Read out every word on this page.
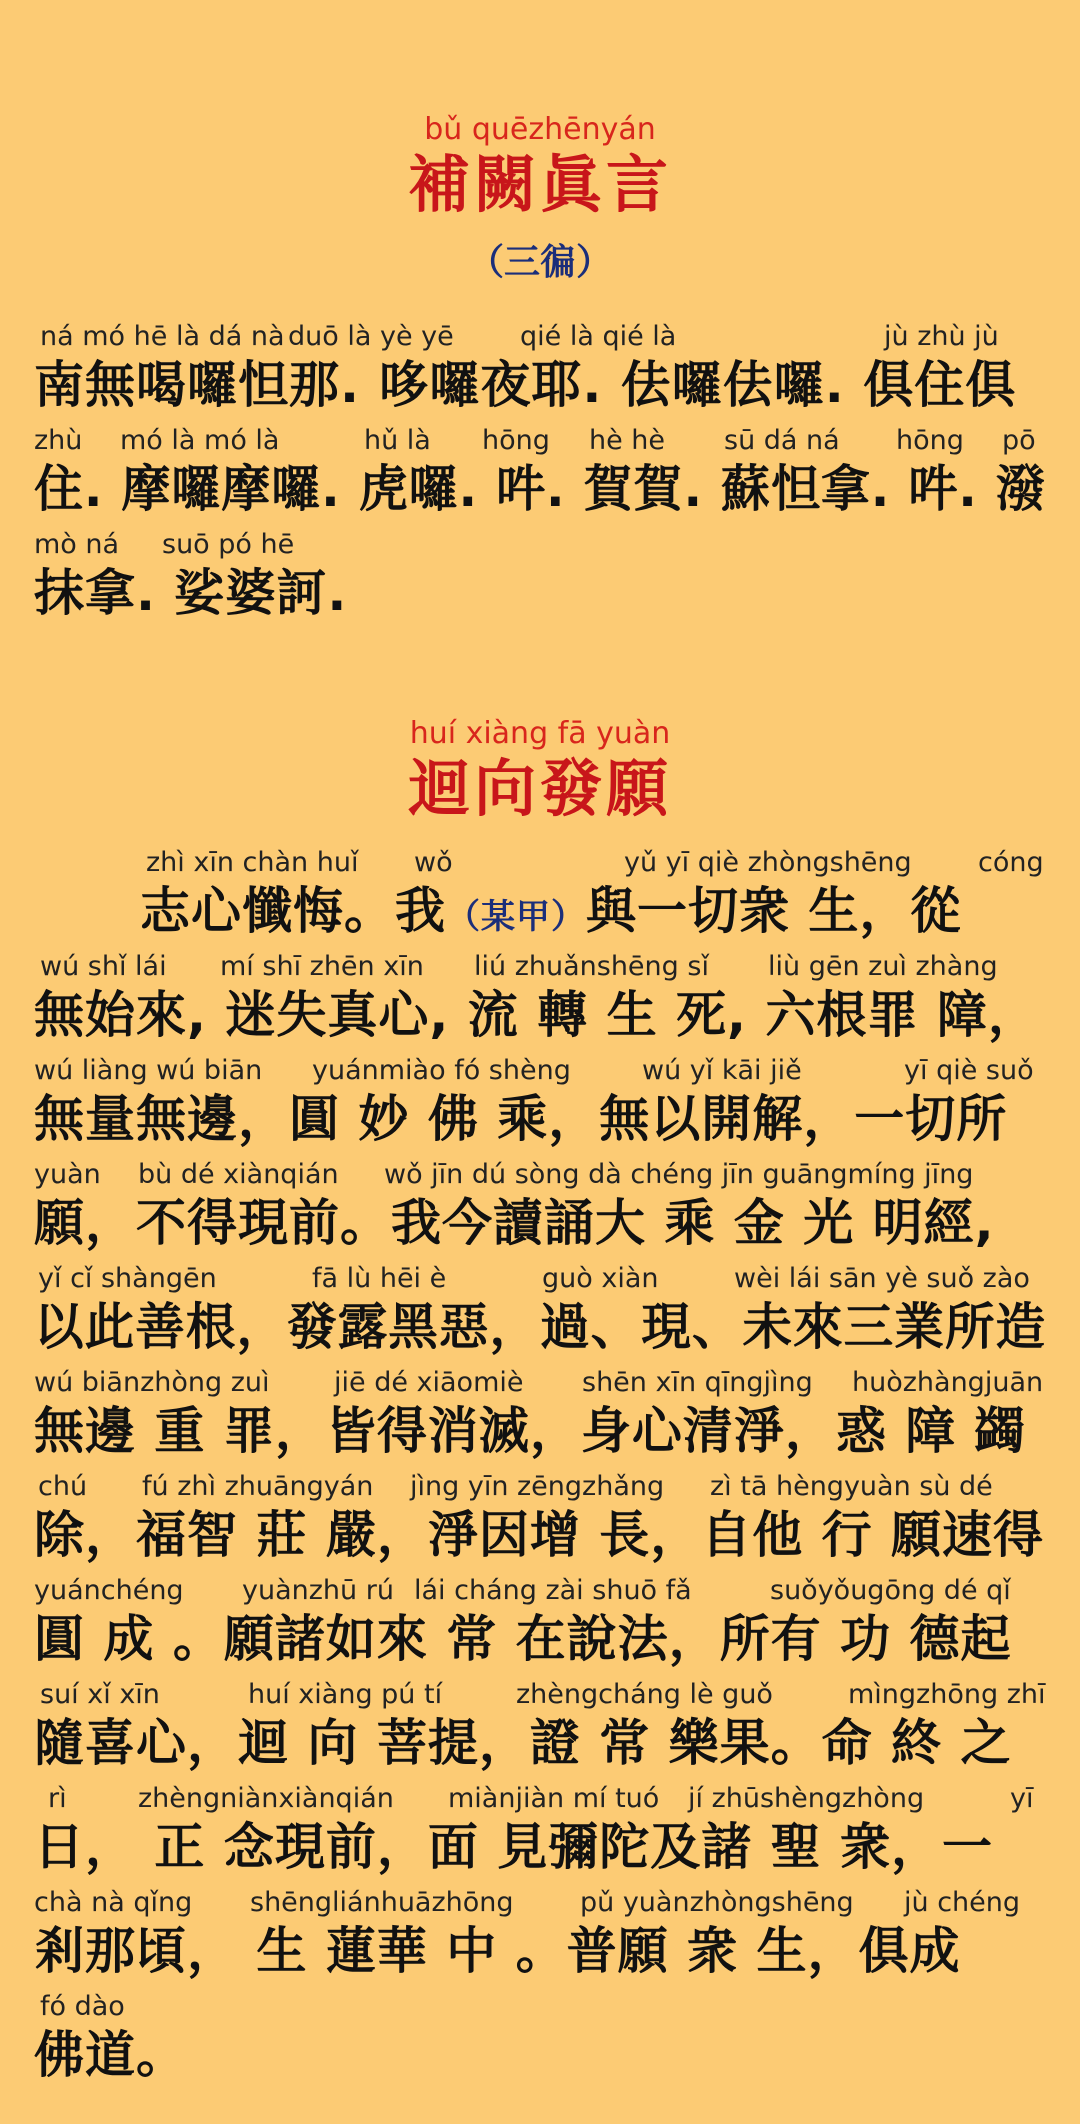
bǔ quēzhēnyán
補闕眞言
（三徧）
ná mó hē là dá nà duō là yè yē qié là qié là	jù zhù jù
南無喝囉怛那. 哆囉夜耶. 佉囉佉囉. 俱住俱
zhù mó là mó là	hǔ là hōng hè hè sū dá ná hōng pō
住. 摩囉摩囉. 虎囉. 吽. 賀賀. 蘇怛拿. 吽. 潑
mò ná suō pó hē
抹拿. 娑婆訶.
huí xiàng fā yuàn
迴向發願
zhì xīn chàn huǐ wǒ	yǔ yī qiè zhòngshēng cóng
志心懺悔。我（某甲）與一切衆 生，從
wú shǐ lái mí shī zhēn xīn liú zhuǎnshēng sǐ liù gēn zuì zhàng
無始來, 迷失真心, 流 轉 生 死, 六根罪 障，
wú liàng wú biān yuánmiào fó shèng	wú yǐ kāi jiě	yī qiè suǒ
無量無邊，圓 妙 佛 乘，無以開解，一切所
yuàn bù dé xiànqián wǒ jīn dú sòng dà chéng jīn guāngmíng jīng
願，不得現前。我今讀誦大 乘 金 光 明經,
yǐ cǐ shàngēn	fā lù hēi è	guò xiàn	wèi lái sān yè suǒ zào
以此善根，發露黑惡，過、現、未來三業所造
wú biānzhòng zuì jiē dé xiāomiè shēn xīn qīngjìng huòzhàngjuān
無邊 重 罪，皆得消滅，身心清淨，惑 障 蠲
chú fú zhì zhuāngyán jìng yīn zēngzhǎng zì tā hèngyuàn sù dé
除，福智 莊 嚴，淨因增 長，自他 行 願速得
yuánchéng yuànzhū rú lái cháng zài shuō fǎ	suǒyǒugōng dé qǐ
圓 成 。願諸如來 常 在說法，所有 功 德起
suí xǐ xīn	huí xiàng pú tí	zhèngcháng lè guǒ	mìngzhōng zhī
隨喜心，迴 向 菩提，證 常 樂果。命 終 之
rì	zhèngniànxiànqián miànjiàn mí tuó jí zhūshèngzhòng	yī
日， 正 念現前，面 見彌陀及諸 聖 衆，一
chà nà qǐng shēngliánhuāzhōng pǔ yuànzhòngshēng jù chéng
剎那頃， 生 蓮華 中 。普願 衆 生，俱成
fó dào
佛道。
